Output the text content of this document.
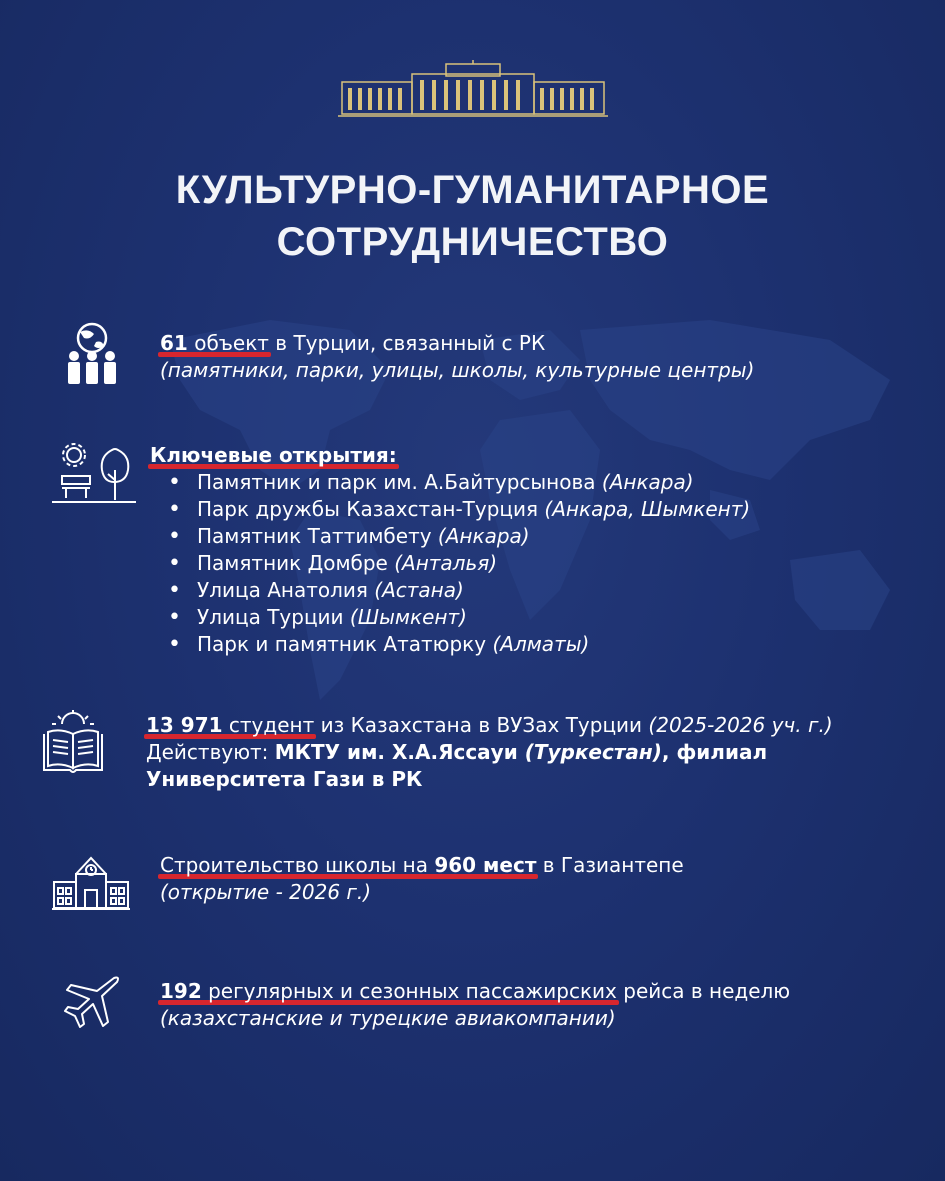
КУЛЬТУРНО-ГУМАНИТАРНОЕ
СОТРУДНИЧЕСТВО
61 объект в Турции, связанный с РК
(памятники, парки, улицы, школы, культурные центры)
Ключевые открытия:
• Памятник и парк им. А.Байтурсынова (Анкара)
• Парк дружбы Казахстан-Турция (Анкара, Шымкент)
• Памятник Таттимбету (Анкара)
• Памятник Домбре (Анталья)
• Улица Анатолия (Астана)
• Улица Турции (Шымкент)
• Парк и памятник Ататюрку (Алматы)
13 971 студент из Казахстана в ВУЗах Турции (2025-2026 уч. г.)
Действуют: МКТУ им. Х.А.Яссауи (Туркестан), филиал
Университета Гази в РК
Строительство школы на 960 мест в Газиантепе
(открытие - 2026 г.)
192 регулярных и сезонных пассажирских рейса в неделю
(казахстанские и турецкие авиакомпании)
